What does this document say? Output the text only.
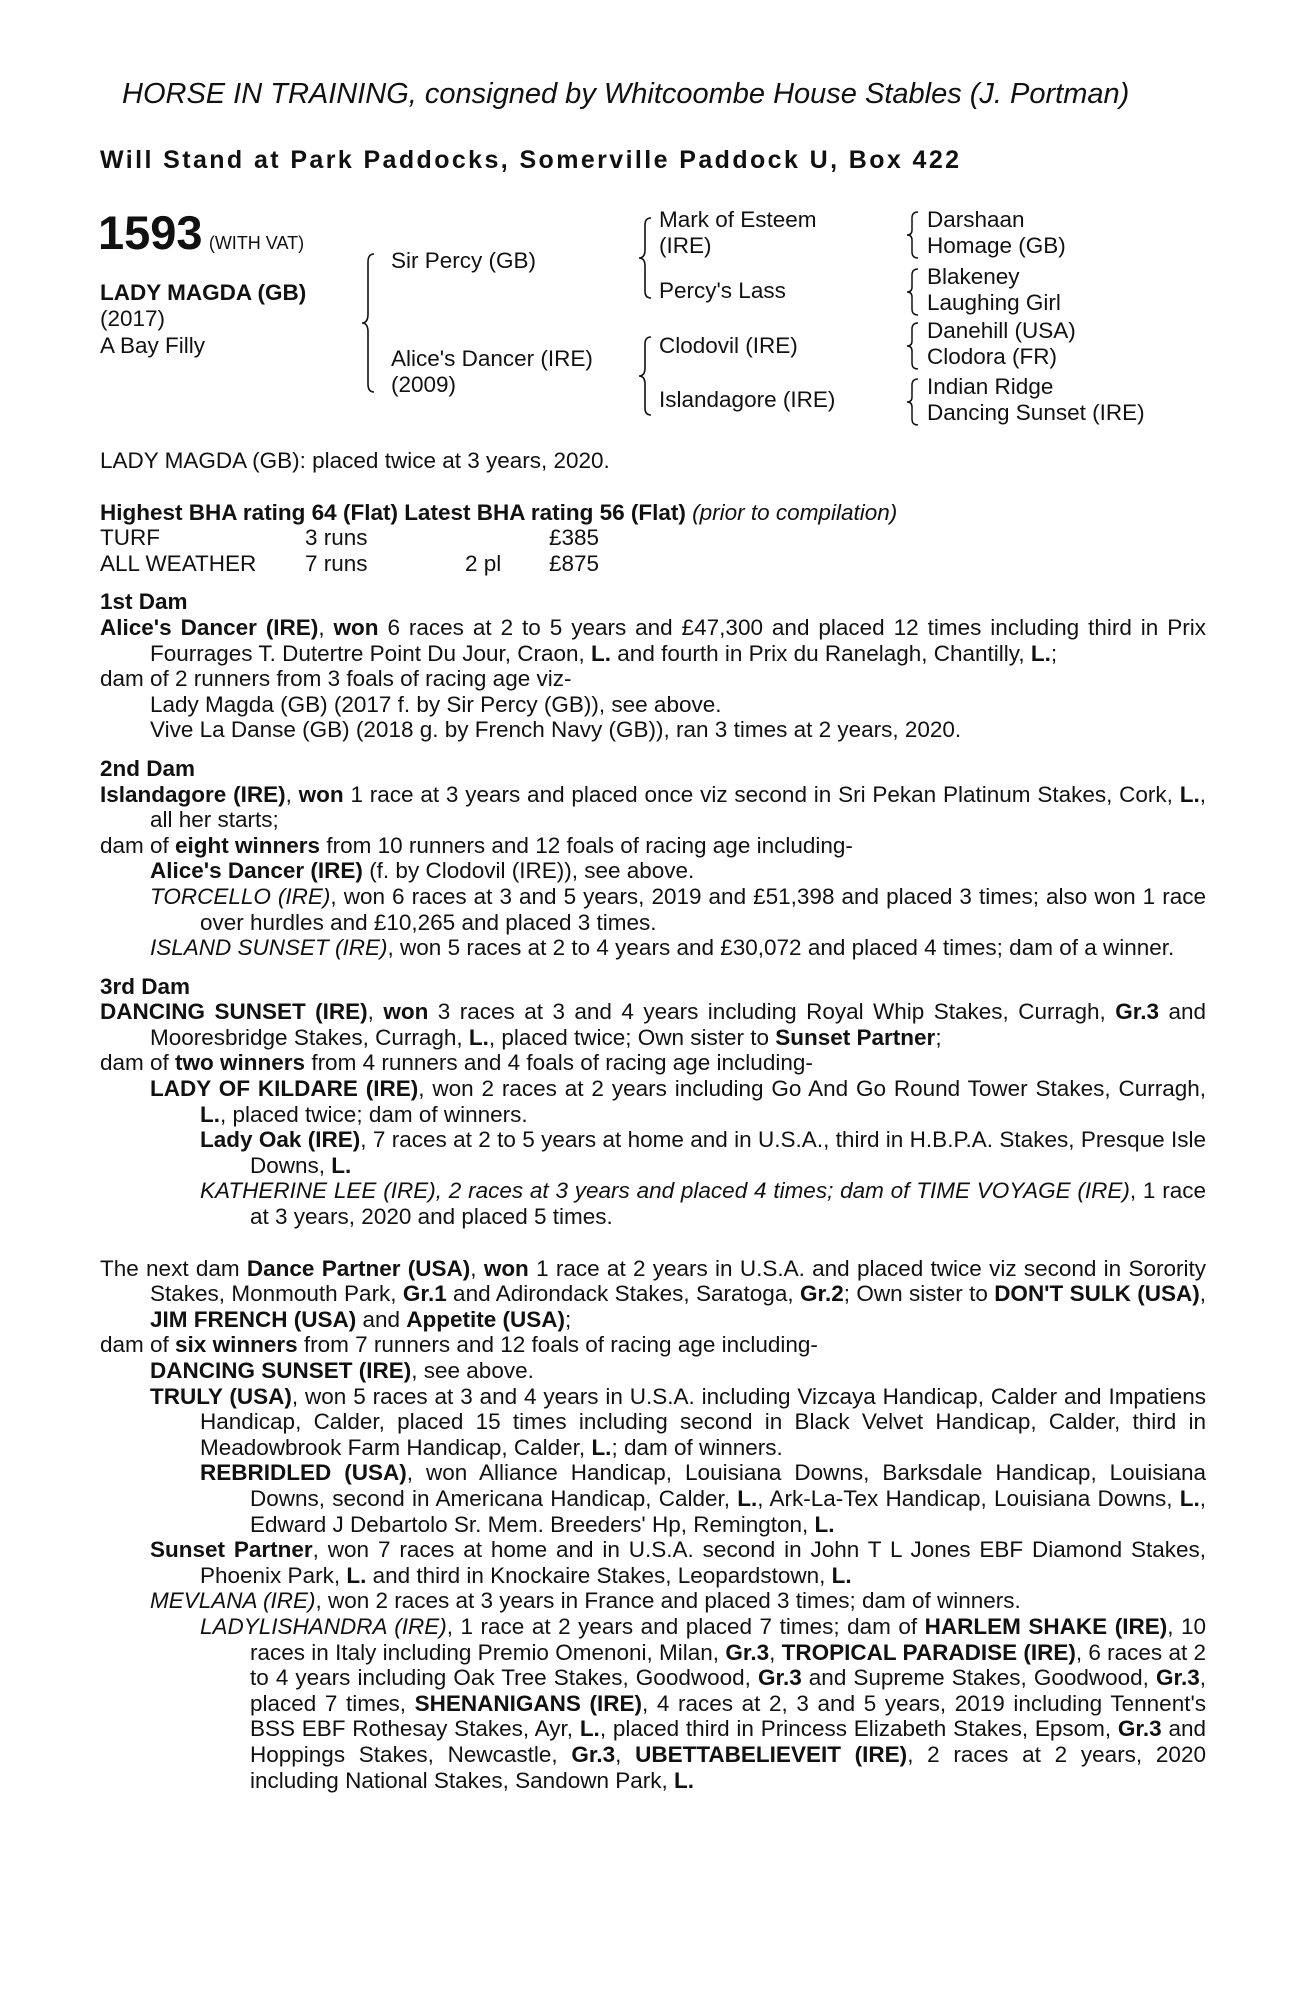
HORSE IN TRAINING, consigned by Whitcoombe House Stables (J. Portman)
Will Stand at Park Paddocks, Somerville Paddock U, Box 422
1593 (WITH VAT)
LADY MAGDA (GB)
(2017)
A Bay Filly
Sir Percy (GB)
Alice's Dancer (IRE)
(2009)
Mark of Esteem
(IRE)
Percy's Lass
Clodovil (IRE)
Islandagore (IRE)
Darshaan
Homage (GB)
Blakeney
Laughing Girl
Danehill (USA)
Clodora (FR)
Indian Ridge
Dancing Sunset (IRE)

LADY MAGDA (GB): placed twice at 3 years, 2020.

Highest BHA rating 64 (Flat) Latest BHA rating 56 (Flat) (prior to compilation)

TURF	3 runs		£385
ALL WEATHER	7 runs	2 pl	£875

1st Dam

Alice's Dancer (IRE), won 6 races at 2 to 5 years and £47,300 and placed 12 times including third in Prix Fourrages T. Dutertre Point Du Jour, Craon, L. and fourth in Prix du Ranelagh, Chantilly, L.;

dam of 2 runners from 3 foals of racing age viz-

Lady Magda (GB) (2017 f. by Sir Percy (GB)), see above.

Vive La Danse (GB) (2018 g. by French Navy (GB)), ran 3 times at 2 years, 2020.

2nd Dam

Islandagore (IRE), won 1 race at 3 years and placed once viz second in Sri Pekan Platinum Stakes, Cork, L., all her starts;

dam of eight winners from 10 runners and 12 foals of racing age including-

Alice's Dancer (IRE) (f. by Clodovil (IRE)), see above.

TORCELLO (IRE), won 6 races at 3 and 5 years, 2019 and £51,398 and placed 3 times; also won 1 race over hurdles and £10,265 and placed 3 times.

ISLAND SUNSET (IRE), won 5 races at 2 to 4 years and £30,072 and placed 4 times; dam of a winner.

3rd Dam

DANCING SUNSET (IRE), won 3 races at 3 and 4 years including Royal Whip Stakes, Curragh, Gr.3 and Mooresbridge Stakes, Curragh, L., placed twice; Own sister to Sunset Partner;

dam of two winners from 4 runners and 4 foals of racing age including-

LADY OF KILDARE (IRE), won 2 races at 2 years including Go And Go Round Tower Stakes, Curragh, L., placed twice; dam of winners.

Lady Oak (IRE), 7 races at 2 to 5 years at home and in U.S.A., third in H.B.P.A. Stakes, Presque Isle Downs, L.

KATHERINE LEE (IRE), 2 races at 3 years and placed 4 times; dam of TIME VOYAGE (IRE), 1 race at 3 years, 2020 and placed 5 times.

The next dam Dance Partner (USA), won 1 race at 2 years in U.S.A. and placed twice viz second in Sorority Stakes, Monmouth Park, Gr.1 and Adirondack Stakes, Saratoga, Gr.2; Own sister to DON'T SULK (USA), JIM FRENCH (USA) and Appetite (USA);

dam of six winners from 7 runners and 12 foals of racing age including-

DANCING SUNSET (IRE), see above.

TRULY (USA), won 5 races at 3 and 4 years in U.S.A. including Vizcaya Handicap, Calder and Impatiens Handicap, Calder, placed 15 times including second in Black Velvet Handicap, Calder, third in Meadowbrook Farm Handicap, Calder, L.; dam of winners.

REBRIDLED (USA), won Alliance Handicap, Louisiana Downs, Barksdale Handicap, Louisiana Downs, second in Americana Handicap, Calder, L., Ark-La-Tex Handicap, Louisiana Downs, L., Edward J Debartolo Sr. Mem. Breeders' Hp, Remington, L.

Sunset Partner, won 7 races at home and in U.S.A. second in John T L Jones EBF Diamond Stakes, Phoenix Park, L. and third in Knockaire Stakes, Leopardstown, L.

MEVLANA (IRE), won 2 races at 3 years in France and placed 3 times; dam of winners.

LADYLISHANDRA (IRE), 1 race at 2 years and placed 7 times; dam of HARLEM SHAKE (IRE), 10 races in Italy including Premio Omenoni, Milan, Gr.3, TROPICAL PARADISE (IRE), 6 races at 2 to 4 years including Oak Tree Stakes, Goodwood, Gr.3 and Supreme Stakes, Goodwood, Gr.3, placed 7 times, SHENANIGANS (IRE), 4 races at 2, 3 and 5 years, 2019 including Tennent's BSS EBF Rothesay Stakes, Ayr, L., placed third in Princess Elizabeth Stakes, Epsom, Gr.3 and Hoppings Stakes, Newcastle, Gr.3, UBETTABELIEVEIT (IRE), 2 races at 2 years, 2020 including National Stakes, Sandown Park, L.
